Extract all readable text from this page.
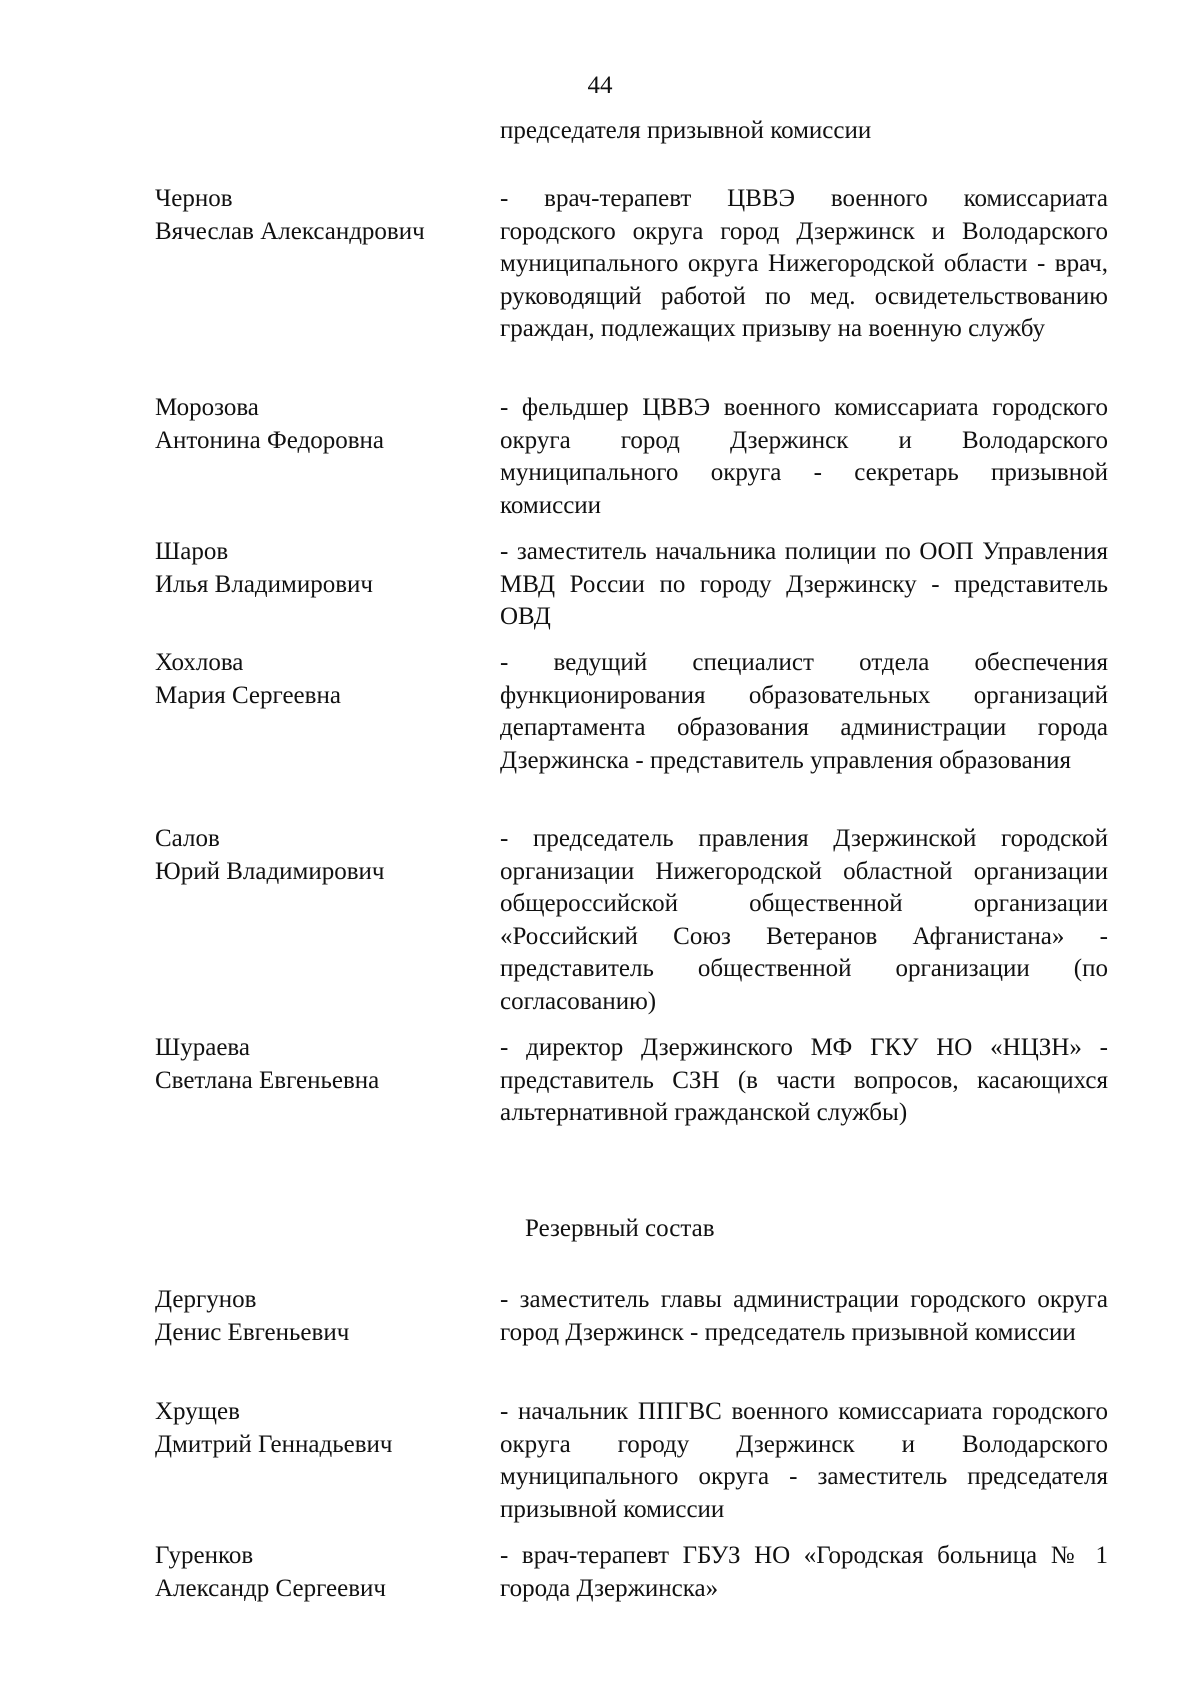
44
председателя призывной комиссии
Чернов
Вячеслав Александрович
- врач-терапевт ЦВВЭ военного комиссариата городского округа город Дзержинск и Володарского муниципального округа Нижегородской области - врач, руководящий работой по мед. освидетельствованию граждан, подлежащих призыву на военную службу
Морозова
Антонина Федоровна
- фельдшер ЦВВЭ военного комиссариата городского округа город Дзержинск и Володарского муниципального округа - секретарь призывной комиссии
Шаров
Илья Владимирович
- заместитель начальника полиции по ООП Управления МВД России по городу Дзержинску - представитель ОВД
Хохлова
Мария Сергеевна
- ведущий специалист отдела обеспечения функционирования образовательных организаций департамента образования администрации города Дзержинска - представитель управления образования
Салов
Юрий Владимирович
- председатель правления Дзержинской городской организации Нижегородской областной организации общероссийской общественной организации «Российский Союз Ветеранов Афганистана» - представитель общественной организации (по согласованию)
Шураева
Светлана Евгеньевна
- директор Дзержинского МФ ГКУ НО «НЦЗН» - представитель СЗН (в части вопросов, касающихся альтернативной гражданской службы)
Резервный состав
Дергунов
Денис Евгеньевич
- заместитель главы администрации городского округа город Дзержинск - председатель призывной комиссии
Хрущев
Дмитрий Геннадьевич
- начальник ППГВС военного комиссариата городского округа городу Дзержинск и Володарского муниципального округа - заместитель председателя призывной комиссии
Гуренков
Александр Сергеевич
- врач-терапевт ГБУЗ НО «Городская больница № 1 города Дзержинска»
